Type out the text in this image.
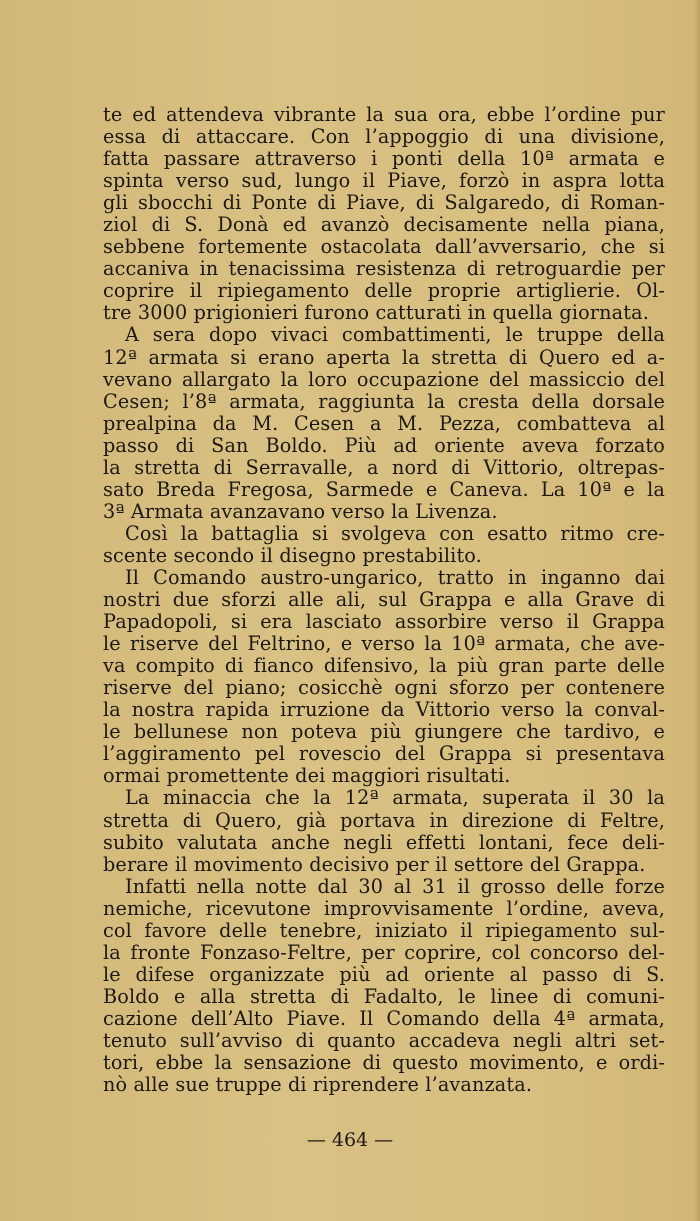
te ed attendeva vibrante la sua ora, ebbe l’ordine pur
essa di attaccare. Con l’appoggio di una divisione,
fatta passare attraverso i ponti della 10ª armata e
spinta verso sud, lungo il Piave, forzò in aspra lotta
gli sbocchi di Ponte di Piave, di Salgaredo, di Roman-
ziol di S. Donà ed avanzò decisamente nella piana,
sebbene fortemente ostacolata dall’avversario, che si
accaniva in tenacissima resistenza di retroguardie per
coprire il ripiegamento delle proprie artiglierie. Ol-
tre 3000 prigionieri furono catturati in quella giornata.
A sera dopo vivaci combattimenti, le truppe della
12ª armata si erano aperta la stretta di Quero ed a-
vevano allargato la loro occupazione del massiccio del
Cesen; l’8ª armata, raggiunta la cresta della dorsale
prealpina da M. Cesen a M. Pezza, combatteva al
passo di San Boldo. Più ad oriente aveva forzato
la stretta di Serravalle, a nord di Vittorio, oltrepas-
sato Breda Fregosa, Sarmede e Caneva. La 10ª e la
3ª Armata avanzavano verso la Livenza.
Così la battaglia si svolgeva con esatto ritmo cre-
scente secondo il disegno prestabilito.
Il Comando austro-ungarico, tratto in inganno dai
nostri due sforzi alle ali, sul Grappa e alla Grave di
Papadopoli, si era lasciato assorbire verso il Grappa
le riserve del Feltrino, e verso la 10ª armata, che ave-
va compito di fianco difensivo, la più gran parte delle
riserve del piano; cosicchè ogni sforzo per contenere
la nostra rapida irruzione da Vittorio verso la conval-
le bellunese non poteva più giungere che tardivo, e
l’aggiramento pel rovescio del Grappa si presentava
ormai promettente dei maggiori risultati.
La minaccia che la 12ª armata, superata il 30 la
stretta di Quero, già portava in direzione di Feltre,
subito valutata anche negli effetti lontani, fece deli-
berare il movimento decisivo per il settore del Grappa.
Infatti nella notte dal 30 al 31 il grosso delle forze
nemiche, ricevutone improvvisamente l’ordine, aveva,
col favore delle tenebre, iniziato il ripiegamento sul-
la fronte Fonzaso-Feltre, per coprire, col concorso del-
le difese organizzate più ad oriente al passo di S.
Boldo e alla stretta di Fadalto, le linee di comuni-
cazione dell’Alto Piave. Il Comando della 4ª armata,
tenuto sull’avviso di quanto accadeva negli altri set-
tori, ebbe la sensazione di questo movimento, e ordi-
nò alle sue truppe di riprendere l’avanzata.
— 464 —
